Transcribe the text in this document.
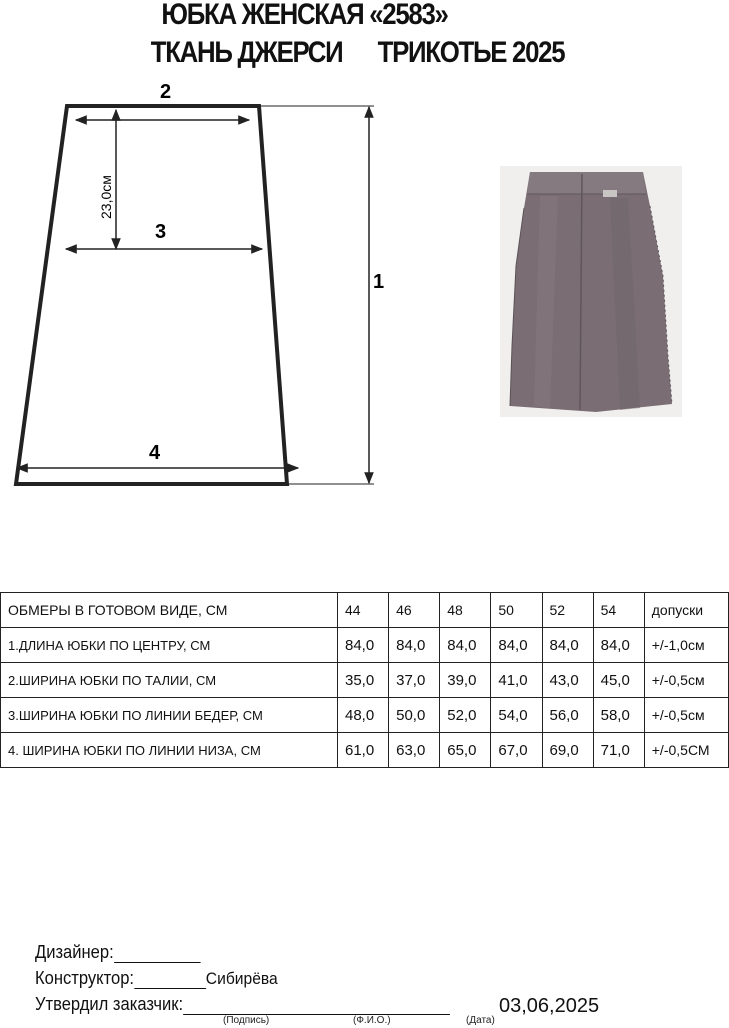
ЮБКА ЖЕНСКАЯ «2583»
ТКАНЬ ДЖЕРСИ      ТРИКОТЬЕ 2025
2
3
4
1
23,0см
ОБМЕРЫ В ГОТОВОМ ВИДЕ, СМ	44	46	48	50	52	54	допуски
1.ДЛИНА ЮБКИ ПО ЦЕНТРУ, СМ	84,0	84,0	84,0	84,0	84,0	84,0	+/-1,0см
2.ШИРИНА ЮБКИ ПО ТАЛИИ, СМ	35,0	37,0	39,0	41,0	43,0	45,0	+/-0,5см
3.ШИРИНА ЮБКИ ПО ЛИНИИ БЕДЕР, СМ	48,0	50,0	52,0	54,0	56,0	58,0	+/-0,5см
4. ШИРИНА ЮБКИ ПО ЛИНИИ НИЗА, СМ	61,0	63,0	65,0	67,0	69,0	71,0	+/-0,5СМ
Дизайнер:
Конструктор:	Сибирёва
Утвердил заказчик:
(Подпись)	(Ф.И.О.)	(Дата)
03,06,2025
